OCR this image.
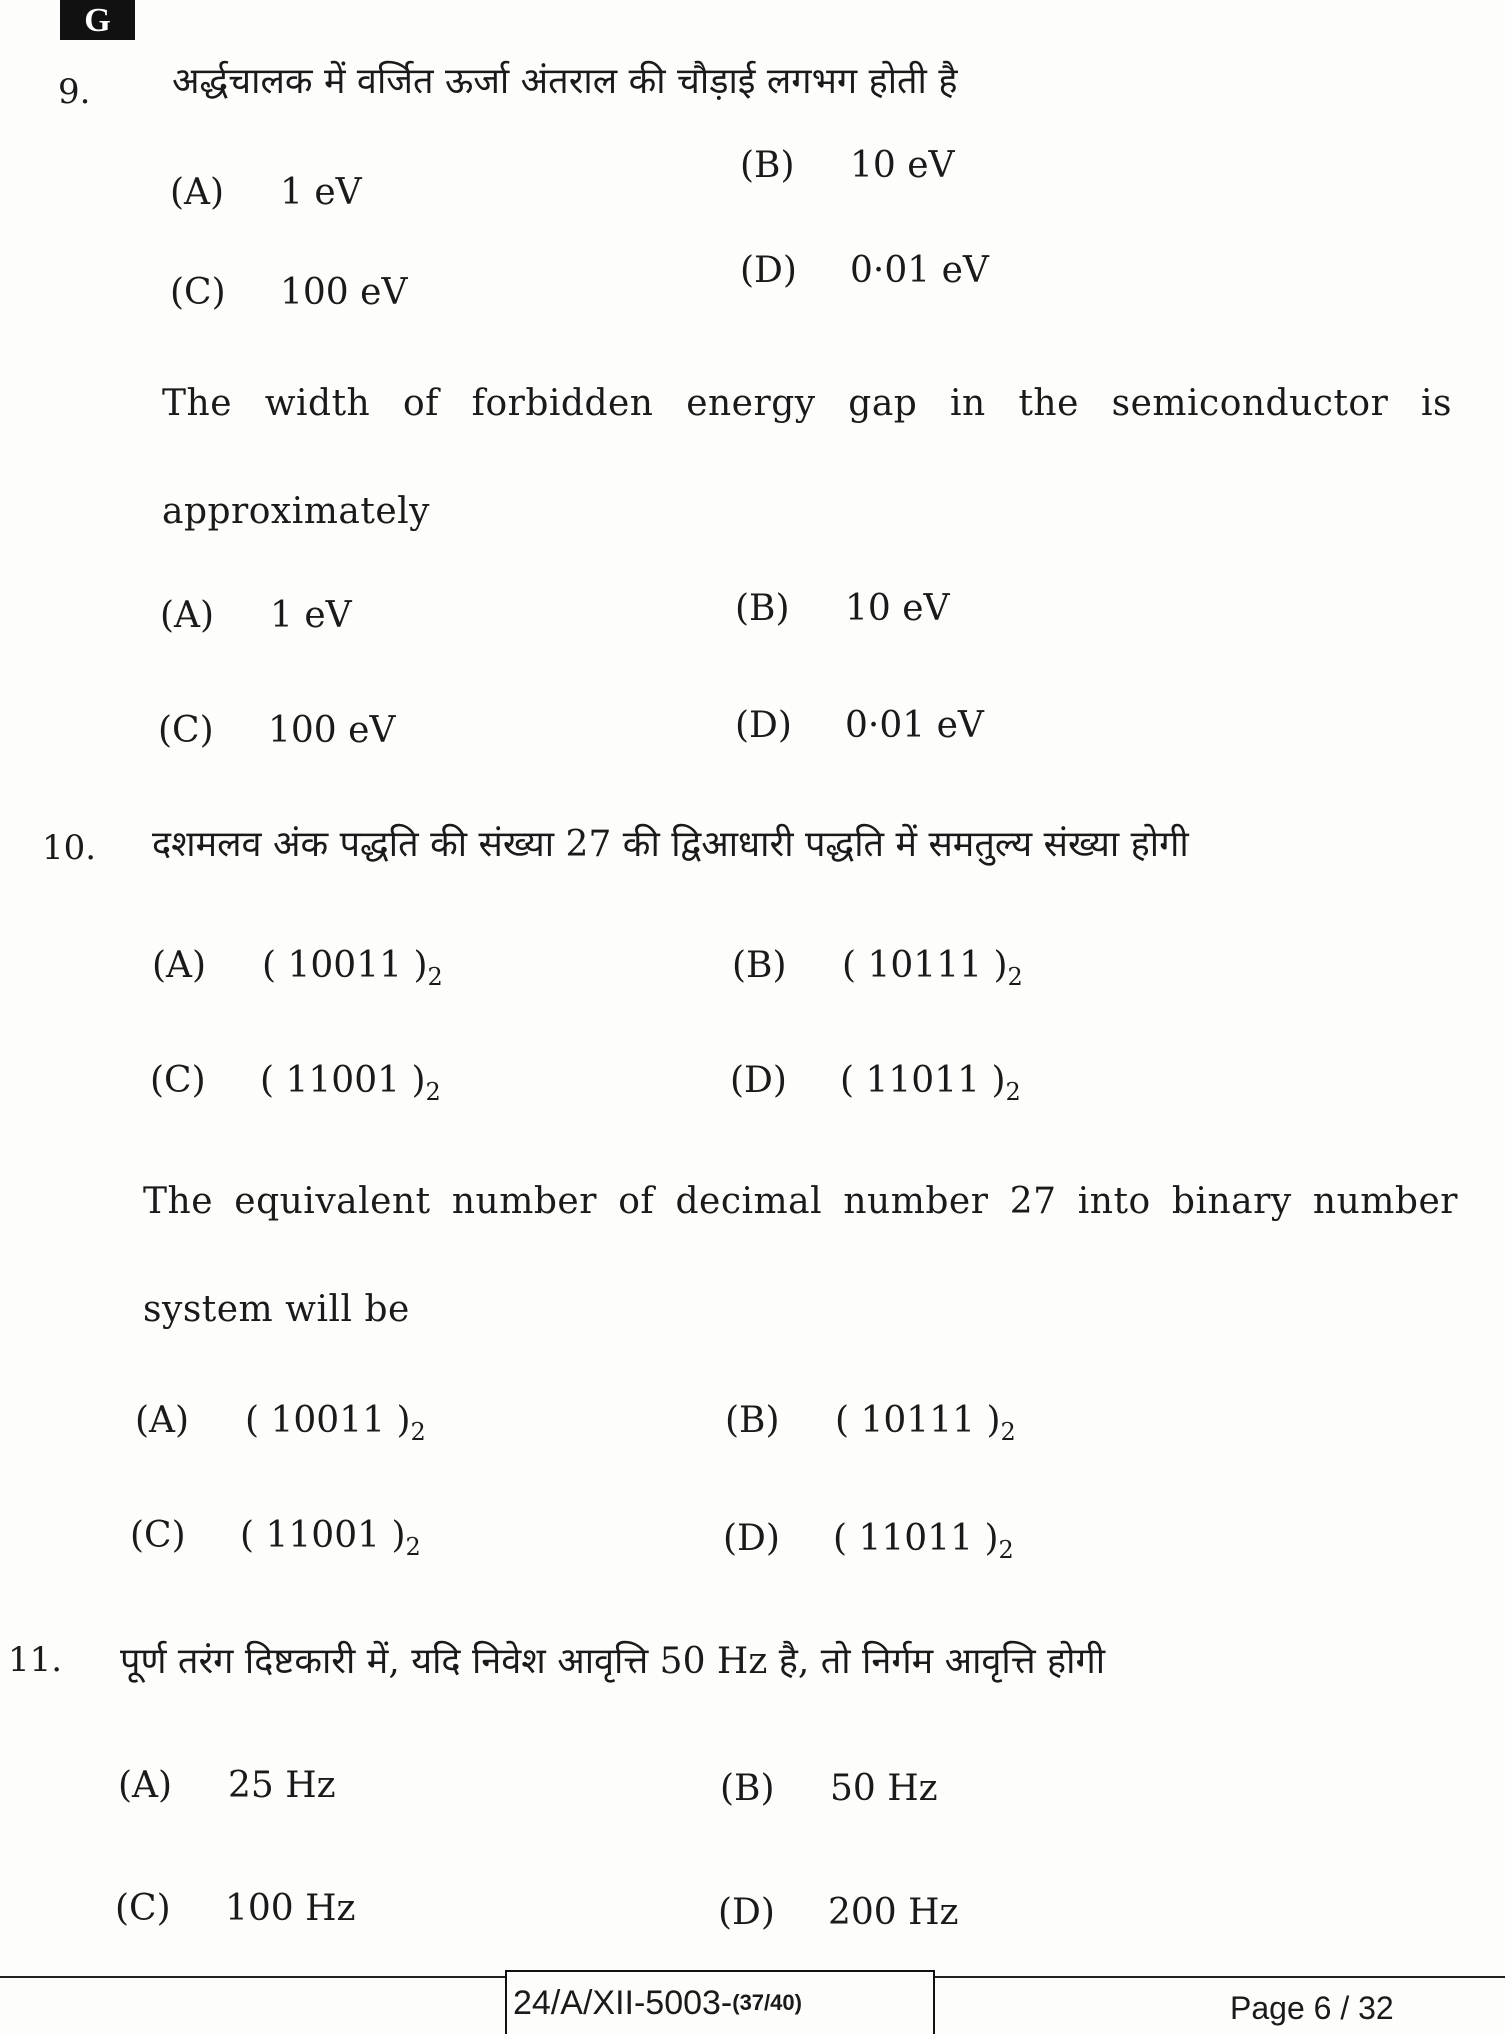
G
9. अर्द्धचालक में वर्जित ऊर्जा अंतराल की चौड़ाई लगभग होती है
(A) 1 eV
(B) 10 eV
(C) 100 eV
(D) 0·01 eV
The width of forbidden energy gap in the semiconductor is approximately
(A) 1 eV	(B) 10 eV
(C) 100 eV	(D) 0·01 eV
10. दशमलव अंक पद्धति की संख्या 27 की द्विआधारी पद्धति में समतुल्य संख्या होगी
(A) ( 10011 )$_2$	(B) ( 10111 )$_2$
(C) ( 11001 )$_2$	(D) ( 11011 )$_2$
The equivalent number of decimal number 27 into binary number system will be
(A) ( 10011 )$_2$	(B) ( 10111 )$_2$
(C) ( 11001 )$_2$	(D) ( 11011 )$_2$
11. पूर्ण तरंग दिष्टकारी में, यदि निवेश आवृत्ति 50 Hz है, तो निर्गम आवृत्ति होगी
(A) 25 Hz	(B) 50 Hz
(C) 100 Hz	(D) 200 Hz
24/A/XII-5003- (37/40)	Page 6 / 32
